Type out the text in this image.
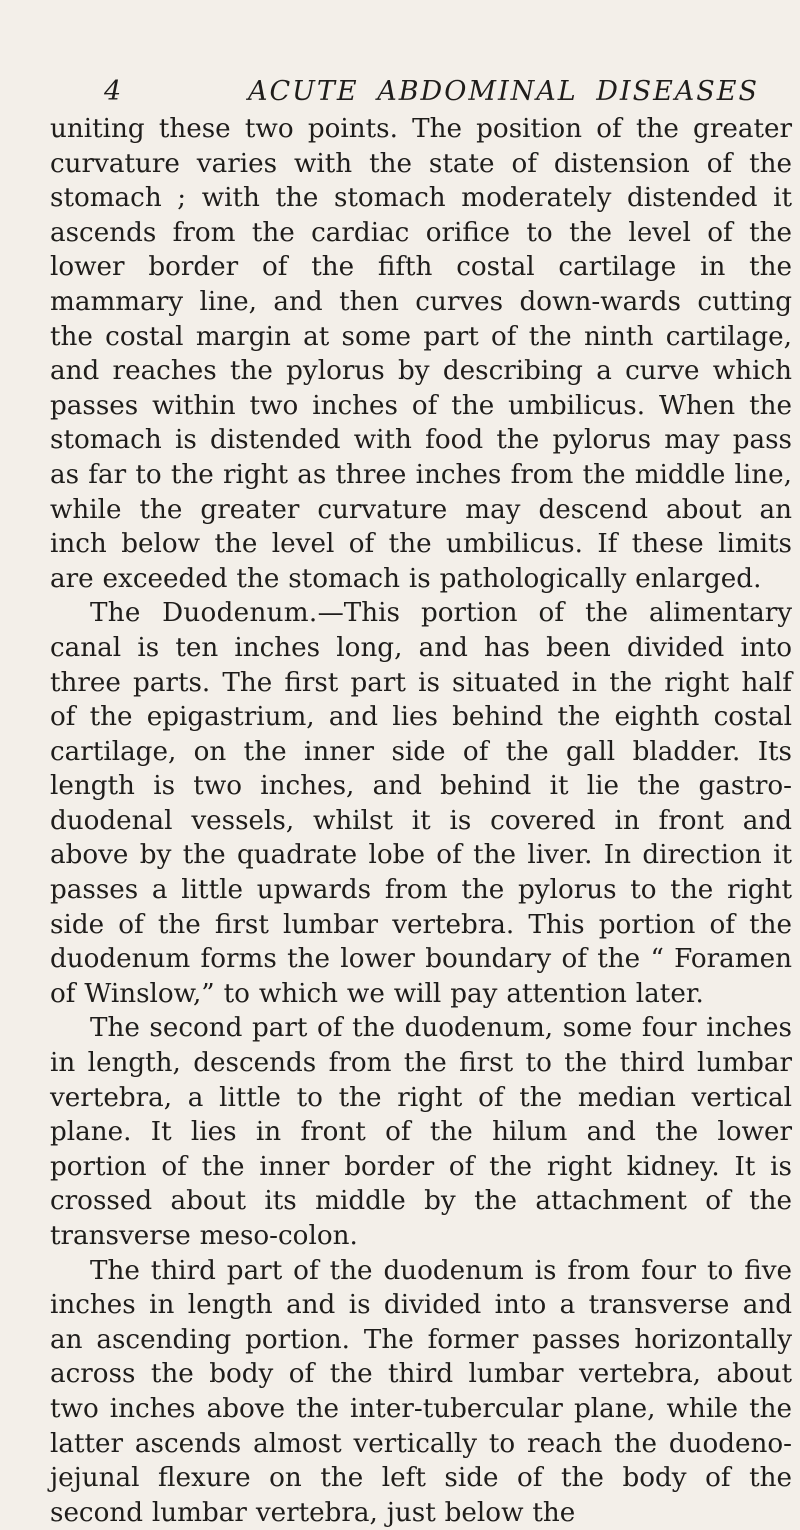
4	ACUTE ABDOMINAL DISEASES

uniting these two points. The position of the greater curvature varies with the state of distension of the stomach ; with the stomach moderately distended it ascends from the cardiac orifice to the level of the lower border of the fifth costal cartilage in the mammary line, and then curves down-wards cutting the costal margin at some part of the ninth cartilage, and reaches the pylorus by describing a curve which passes within two inches of the umbilicus. When the stomach is distended with food the pylorus may pass as far to the right as three inches from the middle line, while the greater curvature may descend about an inch below the level of the umbilicus. If these limits are exceeded the stomach is pathologically enlarged.

The Duodenum.—This portion of the alimentary canal is ten inches long, and has been divided into three parts. The first part is situated in the right half of the epigastrium, and lies behind the eighth costal cartilage, on the inner side of the gall bladder. Its length is two inches, and behind it lie the gastro-duodenal vessels, whilst it is covered in front and above by the quadrate lobe of the liver. In direction it passes a little upwards from the pylorus to the right side of the first lumbar vertebra. This portion of the duodenum forms the lower boundary of the “ Foramen of Winslow,” to which we will pay attention later.

The second part of the duodenum, some four inches in length, descends from the first to the third lumbar vertebra, a little to the right of the median vertical plane. It lies in front of the hilum and the lower portion of the inner border of the right kidney. It is crossed about its middle by the attachment of the transverse meso-colon.

The third part of the duodenum is from four to five inches in length and is divided into a transverse and an ascending portion. The former passes horizontally across the body of the third lumbar vertebra, about two inches above the inter-tubercular plane, while the latter ascends almost vertically to reach the duodeno-jejunal flexure on the left side of the body of the second lumbar vertebra, just below the
